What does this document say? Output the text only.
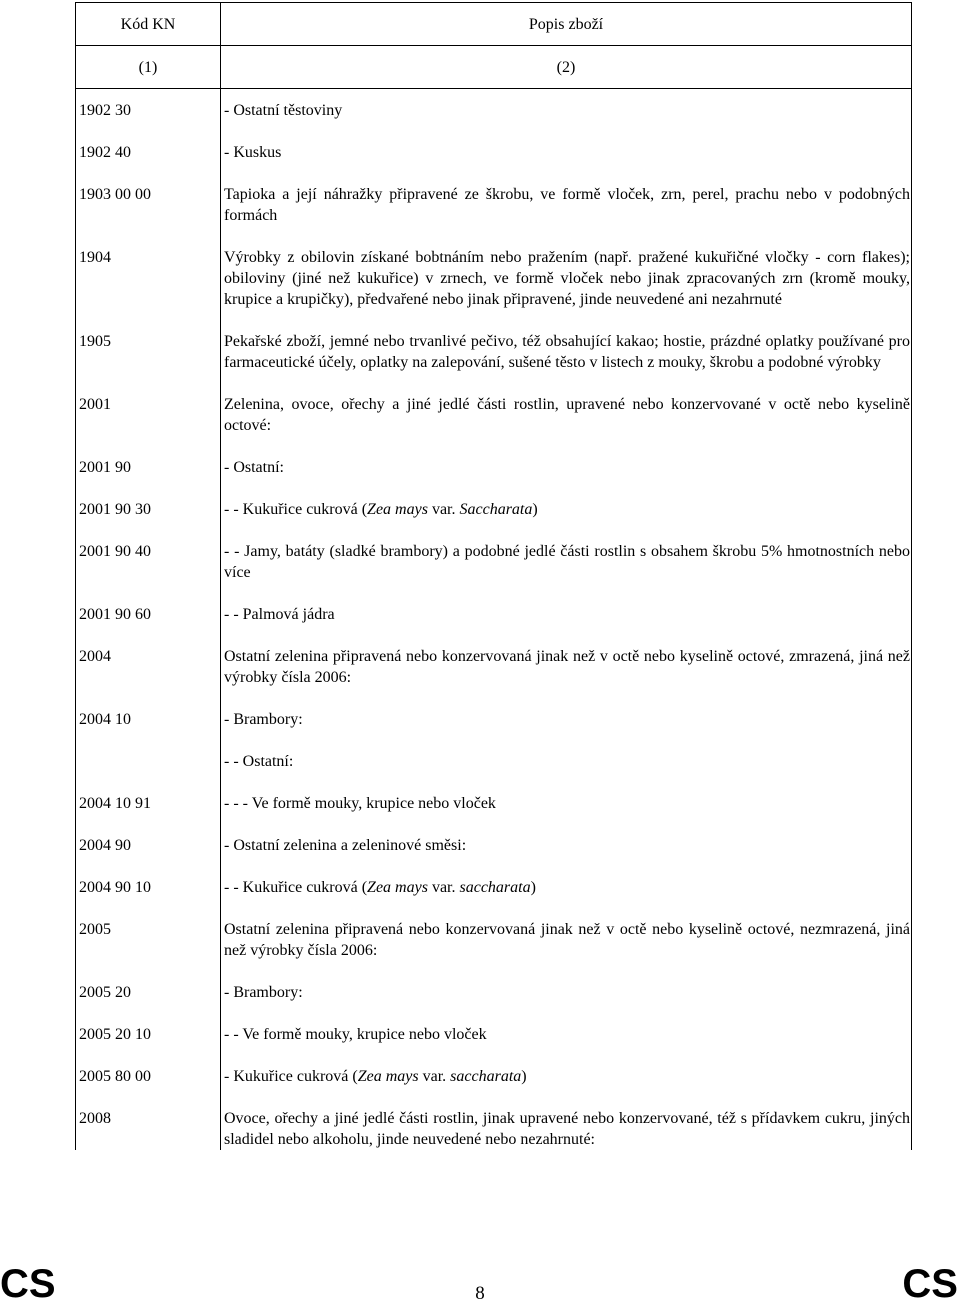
Kód KN	Popis zboží
(1)	(2)
1902 30	- Ostatní těstoviny
1902 40	- Kuskus
1903 00 00	Tapioka a její náhražky připravené ze škrobu, ve formě vloček, zrn, perel, prachu nebo v podobných formách
1904	Výrobky z obilovin získané bobtnáním nebo pražením (např. pražené kukuřičné vločky - corn flakes); obiloviny (jiné než kukuřice) v zrnech, ve formě vloček nebo jinak zpracovaných zrn (kromě mouky, krupice a krupičky), předvařené nebo jinak připravené, jinde neuvedené ani nezahrnuté
1905	Pekařské zboží, jemné nebo trvanlivé pečivo, též obsahující kakao; hostie, prázdné oplatky používané pro farmaceutické účely, oplatky na zalepování, sušené těsto v listech z mouky, škrobu a podobné výrobky
2001	Zelenina, ovoce, ořechy a jiné jedlé části rostlin, upravené nebo konzervované v octě nebo kyselině octové:
2001 90	- Ostatní:
2001 90 30	- - Kukuřice cukrová (Zea mays var. Saccharata)
2001 90 40	- - Jamy, batáty (sladké brambory) a podobné jedlé části rostlin s obsahem škrobu 5% hmotnostních nebo více
2001 90 60	- - Palmová jádra
2004	Ostatní zelenina připravená nebo konzervovaná jinak než v octě nebo kyselině octové, zmrazená, jiná než výrobky čísla 2006:
2004 10	- Brambory:
	- - Ostatní:
2004 10 91	- - - Ve formě mouky, krupice nebo vloček
2004 90	- Ostatní zelenina a zeleninové směsi:
2004 90 10	- - Kukuřice cukrová (Zea mays var. saccharata)
2005	Ostatní zelenina připravená nebo konzervovaná jinak než v octě nebo kyselině octové, nezmrazená, jiná než výrobky čísla 2006:
2005 20	- Brambory:
2005 20 10	- - Ve formě mouky, krupice nebo vloček
2005 80 00	- Kukuřice cukrová (Zea mays var. saccharata)
2008	Ovoce, ořechy a jiné jedlé části rostlin, jinak upravené nebo konzervované, též s přídavkem cukru, jiných sladidel nebo alkoholu, jinde neuvedené nebo nezahrnuté:
CS	8	CS
